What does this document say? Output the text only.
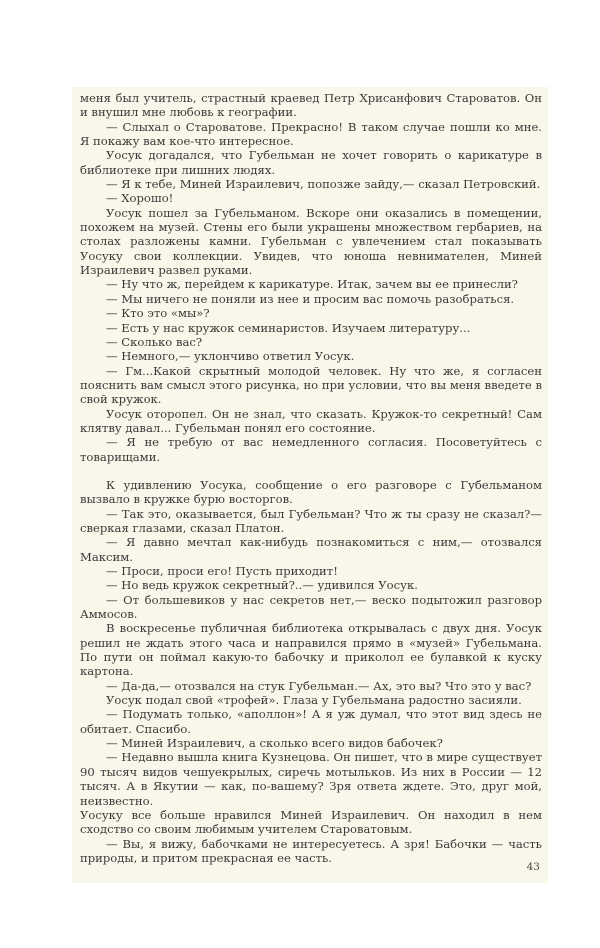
меня был учитель, страстный краевед Петр Хрисанфович Староватов. Он и внушил мне любовь к географии.

— Слыхал о Староватове. Прекрасно! В таком случае пошли ко мне. Я покажу вам кое-что интересное.

Уосук догадался, что Губельман не хочет говорить о карикатуре в библиотеке при лишних людях.

— Я к тебе, Миней Израилевич, попозже зайду,— сказал Петровский.

— Хорошо!

Уосук пошел за Губельманом. Вскоре они оказались в помещении, похожем на музей. Стены его были украшены множеством гербариев, на столах разложены камни. Губельман с увлечением стал показывать Уосуку свои коллекции. Увидев, что юноша невнимателен, Миней Израилевич развел руками.

— Ну что ж, перейдем к карикатуре. Итак, зачем вы ее принесли?

— Мы ничего не поняли из нее и просим вас помочь разобраться.

— Кто это «мы»?

— Есть у нас кружок семинаристов. Изучаем литературу...

— Сколько вас?

— Немного,— уклончиво ответил Уосук.

— Гм...Какой скрытный молодой человек. Ну что же, я согласен пояснить вам смысл этого рисунка, но при условии, что вы меня введете в свой кружок.

Уосук оторопел. Он не знал, что сказать. Кружок-то секретный! Сам клятву давал... Губельман понял его состояние.

— Я не требую от вас немедленного согласия. Посоветуйтесь с товарищами.

К удивлению Уосука, сообщение о его разговоре с Губельманом вызвало в кружке бурю восторгов.

— Так это, оказывается, был Губельман? Что ж ты сразу не сказал?— сверкая глазами, сказал Платон.

— Я давно мечтал как-нибудь познакомиться с ним,— отозвался Максим.

— Проси, проси его! Пусть приходит!

— Но ведь кружок секретный?..— удивился Уосук.

— От большевиков у нас секретов нет,— веско подытожил разговор Аммосов.

В воскресенье публичная библиотека открывалась с двух дня. Уосук решил не ждать этого часа и направился прямо в «музей» Губельмана. По пути он поймал какую-то бабочку и приколол ее булавкой к куску картона.

— Да-да,— отозвался на стук Губельман.— Ах, это вы? Что это у вас?

Уосук подал свой «трофей». Глаза у Губельмана радостно засияли.

— Подумать только, «аполлон»! А я уж думал, что этот вид здесь не обитает. Спасибо.

— Миней Израилевич, а сколько всего видов бабочек?

— Недавно вышла книга Кузнецова. Он пишет, что в мире существует 90 тысяч видов чешуекрылых, сиречь мотыльков. Из них в России — 12 тысяч. А в Якутии — как, по-вашему? Зря ответа ждете. Это, друг мой, неизвестно.

Уосуку все больше нравился Миней Израилевич. Он находил в нем сходство со своим любимым учителем Староватовым.

— Вы, я вижу, бабочками не интересуетесь. А зря! Бабочки — часть природы, и притом прекрасная ее часть.

43
